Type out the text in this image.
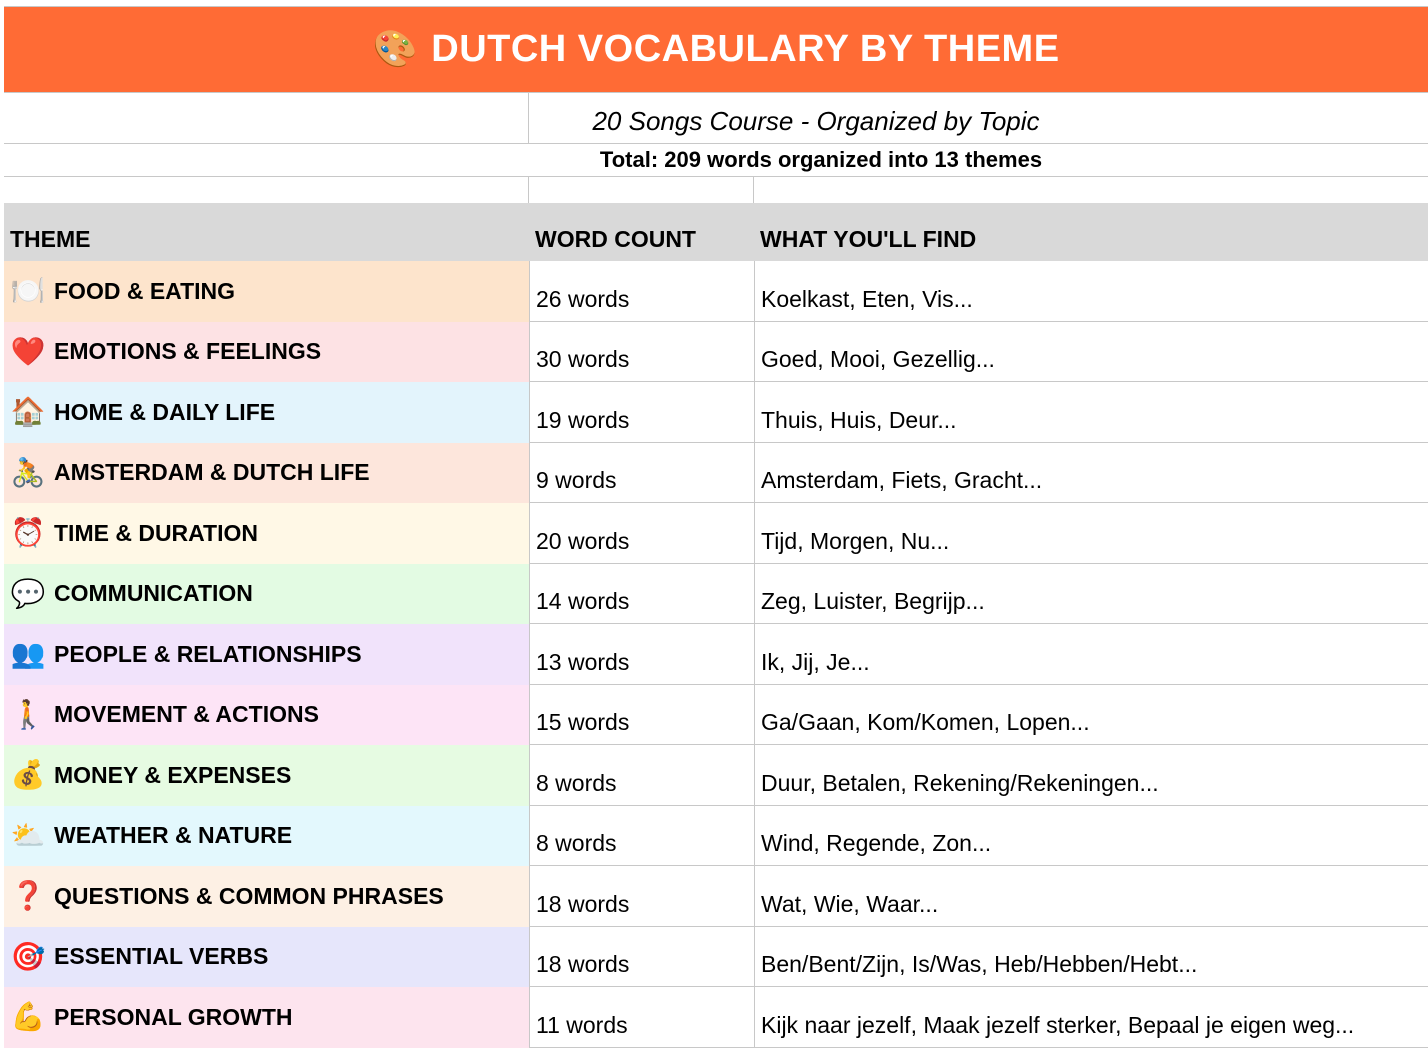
🎨 DUTCH VOCABULARY BY THEME
20 Songs Course - Organized by Topic
Total: 209 words organized into 13 themes
THEME	WORD COUNT	WHAT YOU'LL FIND
🍽️ FOOD & EATING	26 words	Koelkast, Eten, Vis...
❤️ EMOTIONS & FEELINGS	30 words	Goed, Mooi, Gezellig...
🏠 HOME & DAILY LIFE	19 words	Thuis, Huis, Deur...
🚴 AMSTERDAM & DUTCH LIFE	9 words	Amsterdam, Fiets, Gracht...
⏰ TIME & DURATION	20 words	Tijd, Morgen, Nu...
💬 COMMUNICATION	14 words	Zeg, Luister, Begrijp...
👥 PEOPLE & RELATIONSHIPS	13 words	Ik, Jij, Je...
🚶 MOVEMENT & ACTIONS	15 words	Ga/Gaan, Kom/Komen, Lopen...
💰 MONEY & EXPENSES	8 words	Duur, Betalen, Rekening/Rekeningen...
⛅ WEATHER & NATURE	8 words	Wind, Regende, Zon...
❓ QUESTIONS & COMMON PHRASES	18 words	Wat, Wie, Waar...
🎯 ESSENTIAL VERBS	18 words	Ben/Bent/Zijn, Is/Was, Heb/Hebben/Hebt...
💪 PERSONAL GROWTH	11 words	Kijk naar jezelf, Maak jezelf sterker, Bepaal je eigen weg...
